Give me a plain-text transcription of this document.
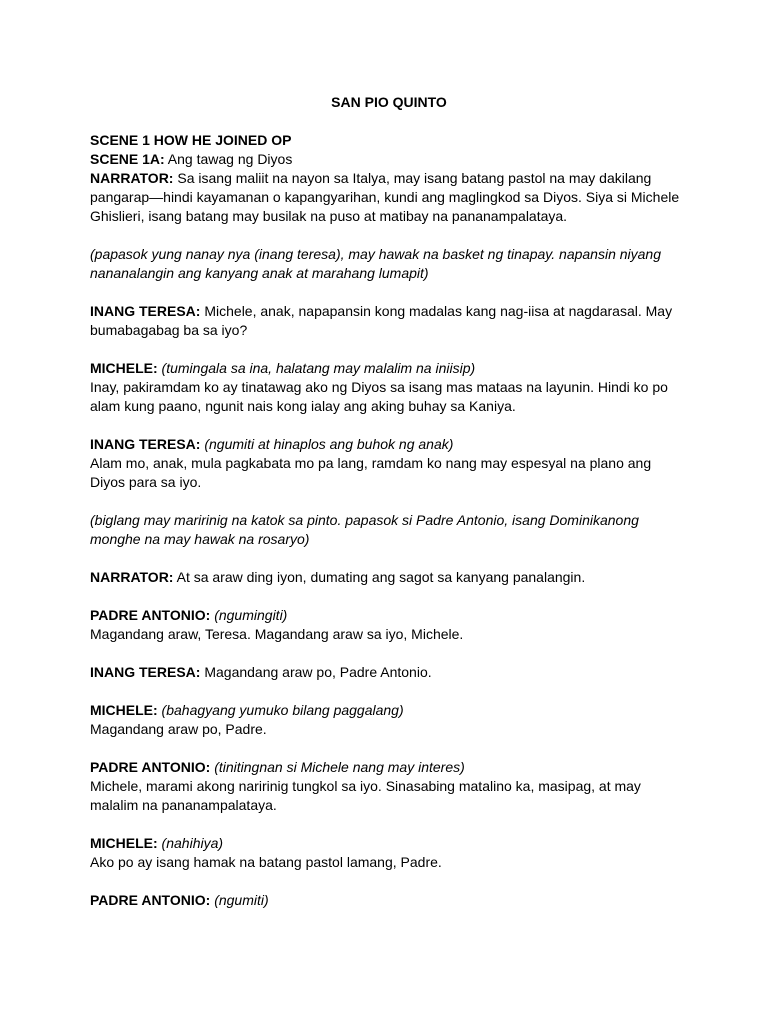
SAN PIO QUINTO

SCENE 1 HOW HE JOINED OP

SCENE 1A: Ang tawag ng Diyos

NARRATOR: Sa isang maliit na nayon sa Italya, may isang batang pastol na may dakilang pangarap—hindi kayamanan o kapangyarihan, kundi ang maglingkod sa Diyos. Siya si Michele Ghislieri, isang batang may busilak na puso at matibay na pananampalataya.

(papasok yung nanay nya (inang teresa), may hawak na basket ng tinapay. napansin niyang nananalangin ang kanyang anak at marahang lumapit)

INANG TERESA: Michele, anak, napapansin kong madalas kang nag-iisa at nagdarasal. May bumabagabag ba sa iyo?

MICHELE: (tumingala sa ina, halatang may malalim na iniisip)

Inay, pakiramdam ko ay tinatawag ako ng Diyos sa isang mas mataas na layunin. Hindi ko po alam kung paano, ngunit nais kong ialay ang aking buhay sa Kaniya.

INANG TERESA: (ngumiti at hinaplos ang buhok ng anak)

Alam mo, anak, mula pagkabata mo pa lang, ramdam ko nang may espesyal na plano ang Diyos para sa iyo.

(biglang may maririnig na katok sa pinto. papasok si Padre Antonio, isang Dominikanong monghe na may hawak na rosaryo)

NARRATOR: At sa araw ding iyon, dumating ang sagot sa kanyang panalangin.

PADRE ANTONIO: (ngumingiti)

Magandang araw, Teresa. Magandang araw sa iyo, Michele.

INANG TERESA: Magandang araw po, Padre Antonio.

MICHELE: (bahagyang yumuko bilang paggalang)

Magandang araw po, Padre.

PADRE ANTONIO: (tinitingnan si Michele nang may interes)

Michele, marami akong naririnig tungkol sa iyo. Sinasabing matalino ka, masipag, at may malalim na pananampalataya.

MICHELE: (nahihiya)

Ako po ay isang hamak na batang pastol lamang, Padre.

PADRE ANTONIO: (ngumiti)
